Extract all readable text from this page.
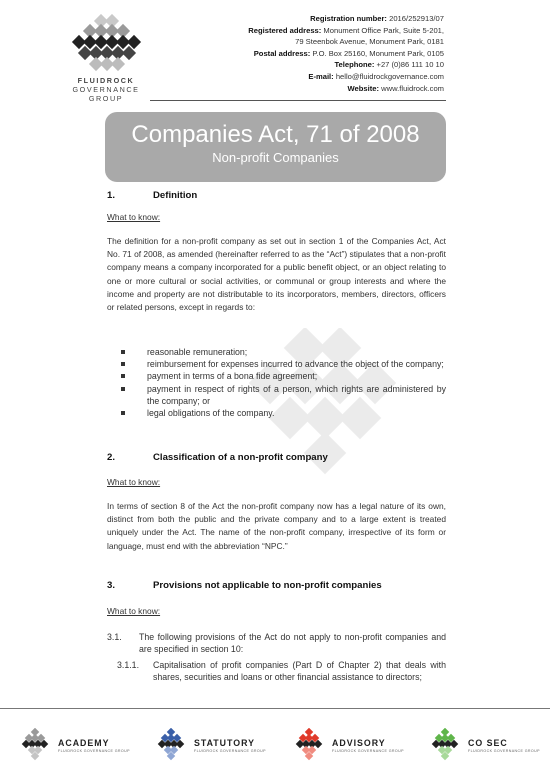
FLUIDROCK
GOVERNANCE
GROUP
Registration number: 2016/252913/07
Registered address: Monument Office Park, Suite 5-201,
79 Steenbok Avenue, Monument Park, 0181
Postal address: P.O. Box 25160, Monument Park, 0105
Telephone: +27 (0)86 111 10 10
E-mail: hello@fluidrockgovernance.com
Website: www.fluidrock.com
Companies Act, 71 of 2008
Non-profit Companies
1.	Definition
What to know:
The definition for a non-profit company as set out in section 1 of the Companies Act, Act No. 71 of 2008, as amended (hereinafter referred to as the “Act”) stipulates that a non-profit company means a company incorporated for a public benefit object, or an object relating to one or more cultural or social activities, or communal or group interests and where the income and property are not distributable to its incorporators, members, directors, officers or related persons, except in regards to:
reasonable remuneration;
reimbursement for expenses incurred to advance the object of the company;
payment in terms of a bona fide agreement;
payment in respect of rights of a person, which rights are administered by the company; or
legal obligations of the company.
2.	Classification of a non-profit company
What to know:
In terms of section 8 of the Act the non-profit company now has a legal nature of its own, distinct from both the public and the private company and to a large extent is treated uniquely under the Act. The name of the non-profit company, irrespective of its form or language, must end with the abbreviation “NPC.”
3.	Provisions not applicable to non-profit companies
What to know:
3.1.	The following provisions of the Act do not apply to non-profit companies and are specified in section 10:
3.1.1.	Capitalisation of profit companies (Part D of Chapter 2) that deals with shares, securities and loans or other financial assistance to directors;
ACADEMY
FLUIDROCK GOVERNANCE GROUP
STATUTORY
FLUIDROCK GOVERNANCE GROUP
ADVISORY
FLUIDROCK GOVERNANCE GROUP
CO SEC
FLUIDROCK GOVERNANCE GROUP
